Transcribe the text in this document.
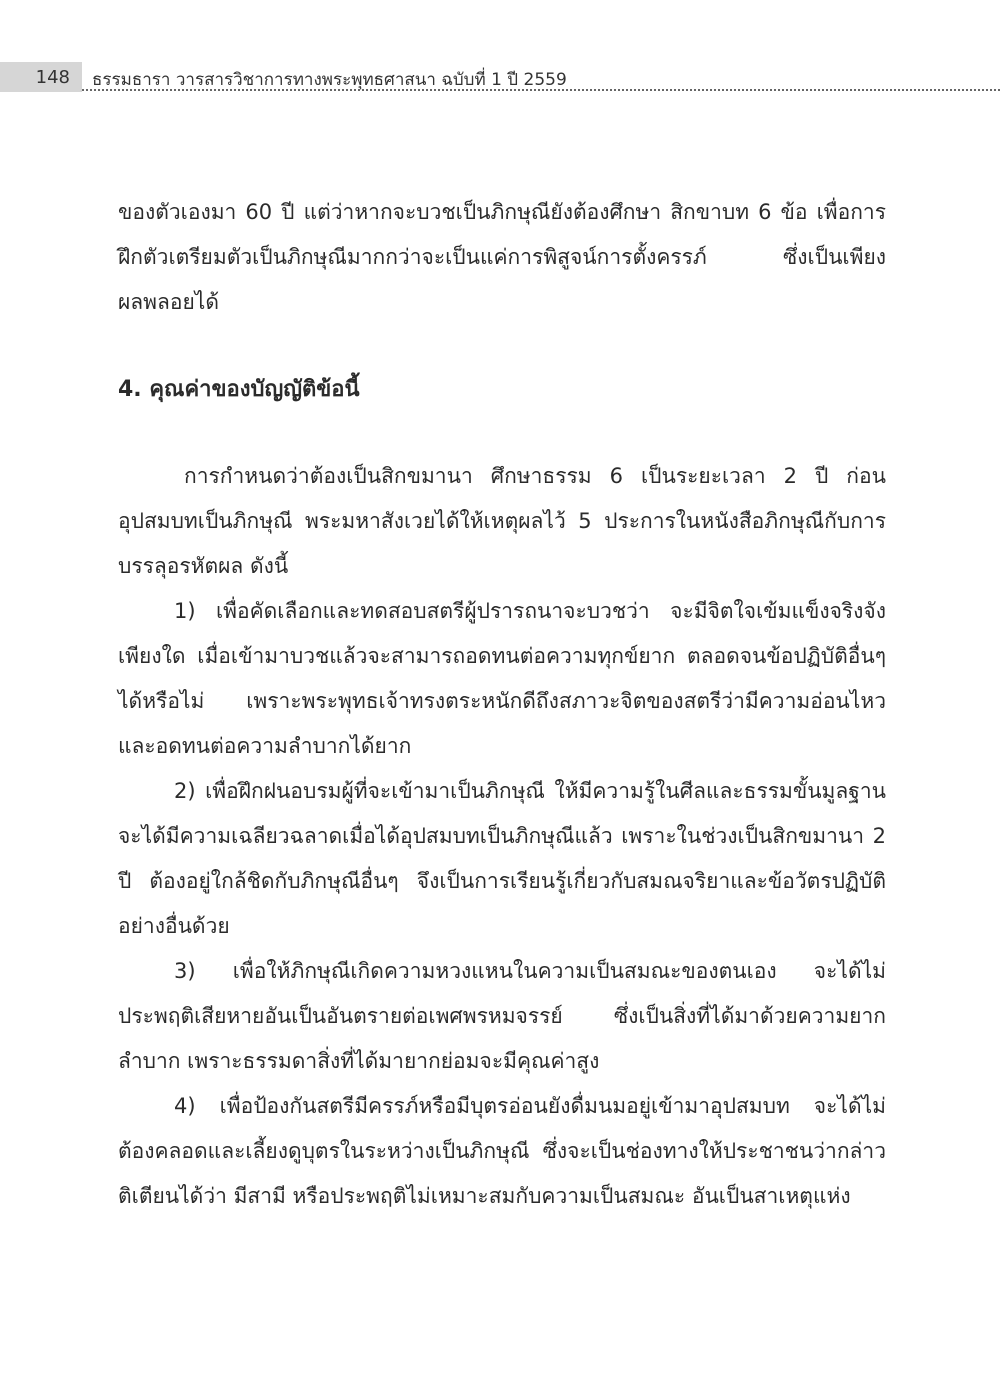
148 ธรรมธารา วารสารวิชาการทางพระพุทธศาสนา ฉบับที่ 1 ปี 2559

ของตัวเองมา 60 ปี แต่ว่าหากจะบวชเป็นภิกษุณียังต้องศึกษา สิกขาบท 6 ข้อ เพื่อการฝึกตัวเตรียมตัวเป็นภิกษุณีมากกว่าจะเป็นแค่การพิสูจน์การตั้งครรภ์ ซึ่งเป็นเพียงผลพลอยได้

4. คุณค่าของบัญญัติข้อนี้

การกำหนดว่าต้องเป็นสิกขมานา ศึกษาธรรม 6 เป็นระยะเวลา 2 ปี ก่อนอุปสมบทเป็นภิกษุณี พระมหาสังเวยได้ให้เหตุผลไว้ 5 ประการในหนังสือภิกษุณีกับการบรรลุอรหัตผล ดังนี้

1) เพื่อคัดเลือกและทดสอบสตรีผู้ปรารถนาจะบวชว่า จะมีจิตใจเข้มแข็งจริงจังเพียงใด เมื่อเข้ามาบวชแล้วจะสามารถอดทนต่อความทุกข์ยาก ตลอดจนข้อปฏิบัติอื่นๆ ได้หรือไม่ เพราะพระพุทธเจ้าทรงตระหนักดีถึงสภาวะจิตของสตรีว่ามีความอ่อนไหวและอดทนต่อความลำบากได้ยาก

2) เพื่อฝึกฝนอบรมผู้ที่จะเข้ามาเป็นภิกษุณี ให้มีความรู้ในศีลและธรรมขั้นมูลฐาน จะได้มีความเฉลียวฉลาดเมื่อได้อุปสมบทเป็นภิกษุณีแล้ว เพราะในช่วงเป็นสิกขมานา 2 ปี ต้องอยู่ใกล้ชิดกับภิกษุณีอื่นๆ จึงเป็นการเรียนรู้เกี่ยวกับสมณจริยาและข้อวัตรปฏิบัติอย่างอื่นด้วย

3) เพื่อให้ภิกษุณีเกิดความหวงแหนในความเป็นสมณะของตนเอง จะได้ไม่ประพฤติเสียหายอันเป็นอันตรายต่อเพศพรหมจรรย์ ซึ่งเป็นสิ่งที่ได้มาด้วยความยากลำบาก เพราะธรรมดาสิ่งที่ได้มายากย่อมจะมีคุณค่าสูง

4) เพื่อป้องกันสตรีมีครรภ์หรือมีบุตรอ่อนยังดื่มนมอยู่เข้ามาอุปสมบท จะได้ไม่ต้องคลอดและเลี้ยงดูบุตรในระหว่างเป็นภิกษุณี ซึ่งจะเป็นช่องทางให้ประชาชนว่ากล่าวติเตียนได้ว่า มีสามี หรือประพฤติไม่เหมาะสมกับความเป็นสมณะ อันเป็นสาเหตุแห่ง
